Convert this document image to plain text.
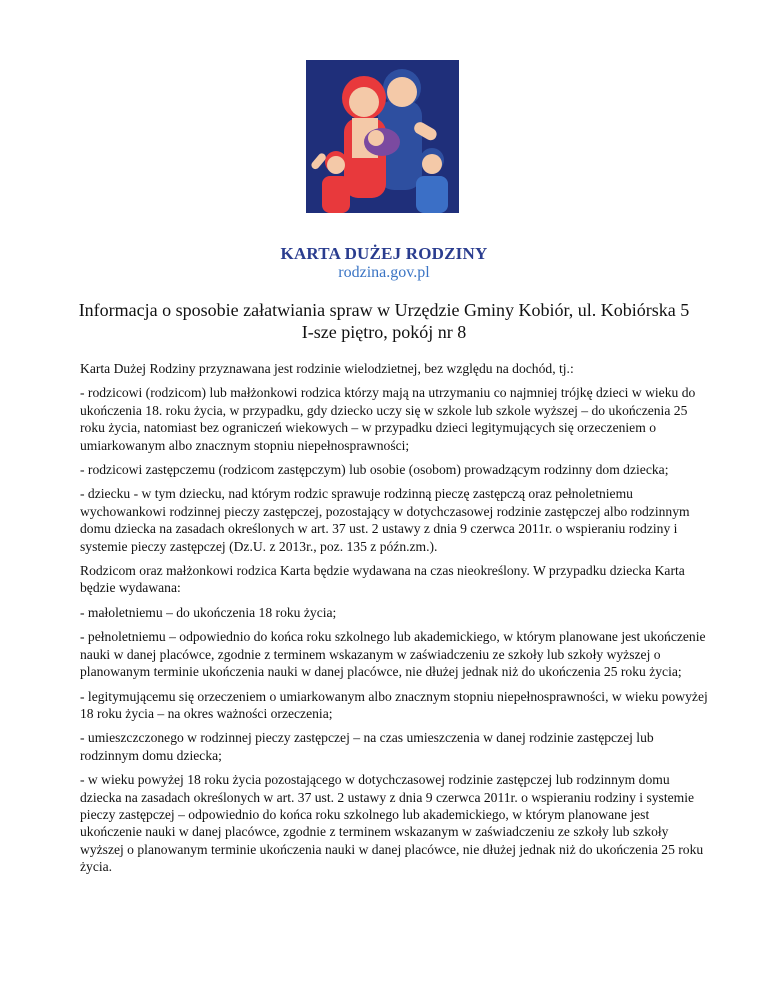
KARTA DUŻEJ RODZINY
rodzina.gov.pl
Informacja o sposobie załatwiania spraw w Urzędzie Gminy Kobiór, ul. Kobiórska 5
I-sze piętro, pokój nr 8

Karta Dużej Rodziny przyznawana jest rodzinie wielodzietnej, bez względu na dochód, tj.:

- rodzicowi (rodzicom) lub małżonkowi rodzica którzy mają na utrzymaniu co najmniej trójkę dzieci w wieku do ukończenia 18. roku życia, w przypadku, gdy dziecko uczy się w szkole lub szkole wyższej – do ukończenia 25 roku życia, natomiast bez ograniczeń wiekowych – w przypadku dzieci legitymujących się orzeczeniem o umiarkowanym albo znacznym stopniu niepełnosprawności;

- rodzicowi zastępczemu (rodzicom zastępczym) lub osobie (osobom) prowadzącym rodzinny dom dziecka;

- dziecku - w tym dziecku, nad którym rodzic sprawuje rodzinną pieczę zastępczą oraz pełnoletniemu wychowankowi rodzinnej pieczy zastępczej, pozostający w dotychczasowej rodzinie zastępczej albo rodzinnym domu dziecka na zasadach określonych w art. 37 ust. 2 ustawy z dnia 9 czerwca 2011r. o wspieraniu rodziny i systemie pieczy zastępczej (Dz.U. z 2013r., poz. 135 z późn.zm.).

Rodzicom oraz małżonkowi rodzica Karta będzie wydawana na czas nieokreślony. W przypadku dziecka Karta będzie wydawana:

- małoletniemu – do ukończenia 18 roku życia;

- pełnoletniemu – odpowiednio do końca roku szkolnego lub akademickiego, w którym planowane jest ukończenie nauki w danej placówce, zgodnie z terminem wskazanym w zaświadczeniu ze szkoły lub szkoły wyższej o planowanym terminie ukończenia nauki w danej placówce, nie dłużej jednak niż do ukończenia 25 roku życia;

- legitymującemu się orzeczeniem o umiarkowanym albo znacznym stopniu niepełnosprawności, w wieku powyżej 18 roku życia – na okres ważności orzeczenia;

- umieszczczonego w rodzinnej pieczy zastępczej – na czas umieszczenia w danej rodzinie zastępczej lub rodzinnym domu dziecka;

- w wieku powyżej 18 roku życia pozostającego w dotychczasowej rodzinie zastępczej lub rodzinnym domu dziecka na zasadach określonych w art. 37 ust. 2 ustawy z dnia 9 czerwca 2011r. o wspieraniu rodziny i systemie pieczy zastępczej – odpowiednio do końca roku szkolnego lub akademickiego, w którym planowane jest ukończenie nauki w danej placówce, zgodnie z terminem wskazanym w zaświadczeniu ze szkoły lub szkoły wyższej o planowanym terminie ukończenia nauki w danej placówce, nie dłużej jednak niż do ukończenia 25 roku życia.
